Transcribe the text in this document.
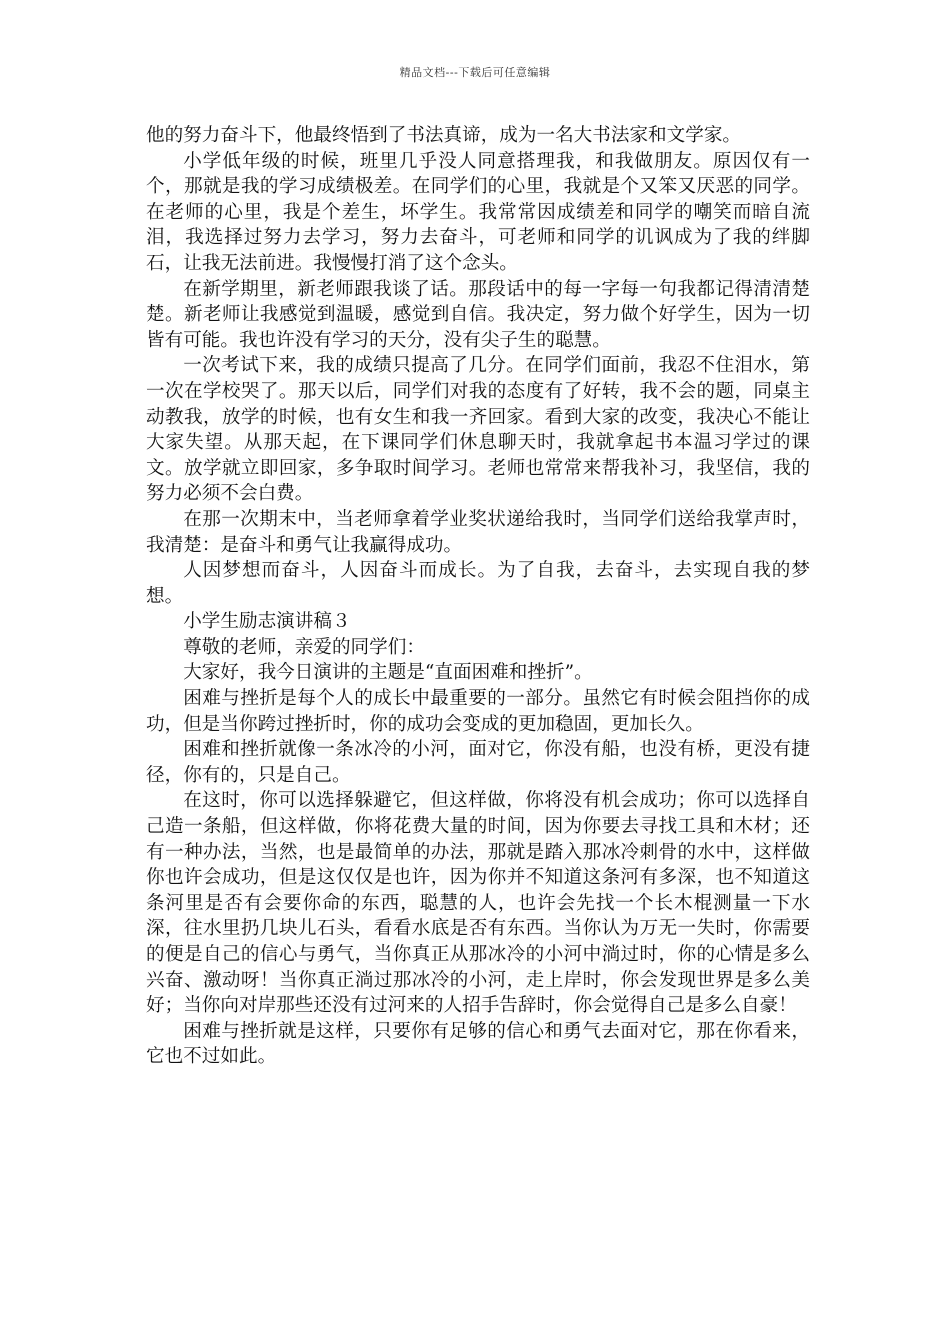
精品文档---下载后可任意编辑

他的努力奋斗下，他最终悟到了书法真谛，成为一名大书法家和文学家。

小学低年级的时候，班里几乎没人同意搭理我，和我做朋友。原因仅有一个，那就是我的学习成绩极差。在同学们的心里，我就是个又笨又厌恶的同学。在老师的心里，我是个差生，坏学生。我常常因成绩差和同学的嘲笑而暗自流泪，我选择过努力去学习，努力去奋斗，可老师和同学的讥讽成为了我的绊脚石，让我无法前进。我慢慢打消了这个念头。

在新学期里，新老师跟我谈了话。那段话中的每一字每一句我都记得清清楚楚。新老师让我感觉到温暖，感觉到自信。我决定，努力做个好学生，因为一切皆有可能。我也许没有学习的天分，没有尖子生的聪慧。

一次考试下来，我的成绩只提高了几分。在同学们面前，我忍不住泪水，第一次在学校哭了。那天以后，同学们对我的态度有了好转，我不会的题，同桌主动教我，放学的时候，也有女生和我一齐回家。看到大家的改变，我决心不能让大家失望。从那天起，在下课同学们休息聊天时，我就拿起书本温习学过的课文。放学就立即回家，多争取时间学习。老师也常常来帮我补习，我坚信，我的努力必须不会白费。

在那一次期末中，当老师拿着学业奖状递给我时，当同学们送给我掌声时，我清楚：是奋斗和勇气让我赢得成功。

人因梦想而奋斗，人因奋斗而成长。为了自我，去奋斗，去实现自我的梦想。

小学生励志演讲稿３

尊敬的老师，亲爱的同学们：

大家好，我今日演讲的主题是“直面困难和挫折”。

困难与挫折是每个人的成长中最重要的一部分。虽然它有时候会阻挡你的成功，但是当你跨过挫折时，你的成功会变成的更加稳固，更加长久。

困难和挫折就像一条冰冷的小河，面对它，你没有船，也没有桥，更没有捷径，你有的，只是自己。

在这时，你可以选择躲避它，但这样做，你将没有机会成功；你可以选择自己造一条船，但这样做，你将花费大量的时间，因为你要去寻找工具和木材；还有一种办法，当然，也是最简单的办法，那就是踏入那冰冷刺骨的水中，这样做你也许会成功，但是这仅仅是也许，因为你并不知道这条河有多深，也不知道这条河里是否有会要你命的东西，聪慧的人，也许会先找一个长木棍测量一下水深，往水里扔几块儿石头，看看水底是否有东西。当你认为万无一失时，你需要的便是自己的信心与勇气，当你真正从那冰冷的小河中淌过时，你的心情是多么兴奋、激动呀！当你真正淌过那冰冷的小河，走上岸时，你会发现世界是多么美好；当你向对岸那些还没有过河来的人招手告辞时，你会觉得自己是多么自豪！

困难与挫折就是这样，只要你有足够的信心和勇气去面对它，那在你看来，它也不过如此。
